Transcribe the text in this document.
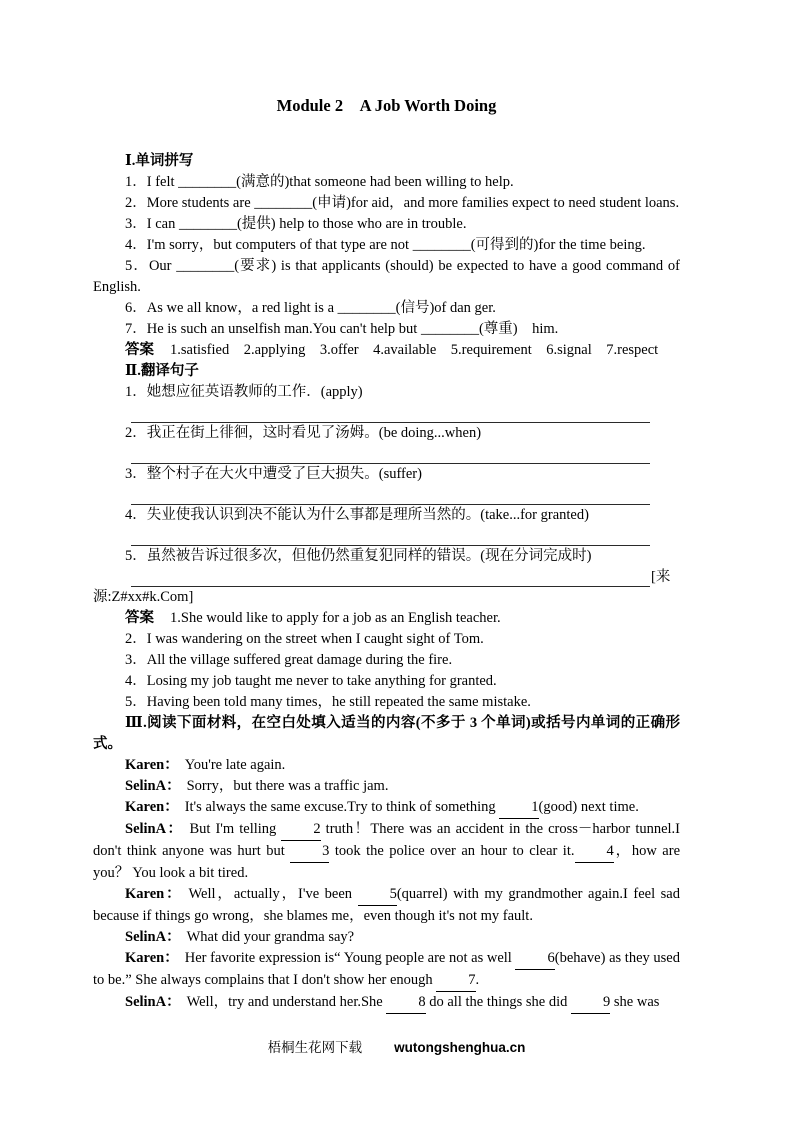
Module 2　A Job Worth Doing

Ⅰ.单词拼写

1．I felt ________(满意的)that someone had been willing to help.

2．More students are ________(申请)for aid，and more families expect to need student loans.

3．I can ________(提供) help to those who are in trouble.

4．I'm sorry，but computers of that type are not ________(可得到的)for the time being.

5．Our ________(要求) is that applicants (should) be expected to have a good command of English.

6．As we all know，a red light is a ________(信号)of dan ger.

7．He is such an unselfish man.You can't help but ________(尊重)　him.

答案 1.satisfied　2.applying　3.offer　4.available　5.requirement　6.signal　7.respect

Ⅱ.翻译句子

1．她想应征英语教师的工作．(apply)

2．我正在街上徘徊，这时看见了汤姆。(be doing...when)

3．整个村子在大火中遭受了巨大损失。(suffer)

4．失业使我认识到决不能认为什么事都是理所当然的。(take...for granted)

5．虽然被告诉过很多次，但他仍然重复犯同样的错误。(现在分词完成时)

[来

源:Z#xx#k.Com]

答案 1.She would like to apply for a job as an English teacher.

2．I was wandering on the street when I caught sight of Tom.

3．All the village suffered great damage during the fire.

4．Losing my job taught me never to take anything for granted.

5．Having been told many times，he still repeated the same mistake.

Ⅲ.阅读下面材料，在空白处填入适当的内容(不多于 3 个单词)或括号内单词的正确形式。

Karen： You're late again.

SelinA： Sorry，but there was a traffic jam.

Karen： It's always the same excuse.Try to think of something 1(good) next time.

SelinA： But I'm telling 2 truth！There was an accident in the cross－harbor tunnel.I don't think anyone was hurt but 3 took the police over an hour to clear it. 4，how are you？ You look a bit tired.

Karen： Well，actually，I've been 5(quarrel) with my grandmother again.I feel sad because if things go wrong，she blames me，even though it's not my fault.

SelinA： What did your grandma say?

Karen： Her favorite expression is“ Young people are not as well 6(behave) as they used to be.” She always complains that I don't show her enough 7.

SelinA： Well，try and understand her.She 8 do all the things she did 9 she was

梧桐生花网下载 wutongshenghua.cn
